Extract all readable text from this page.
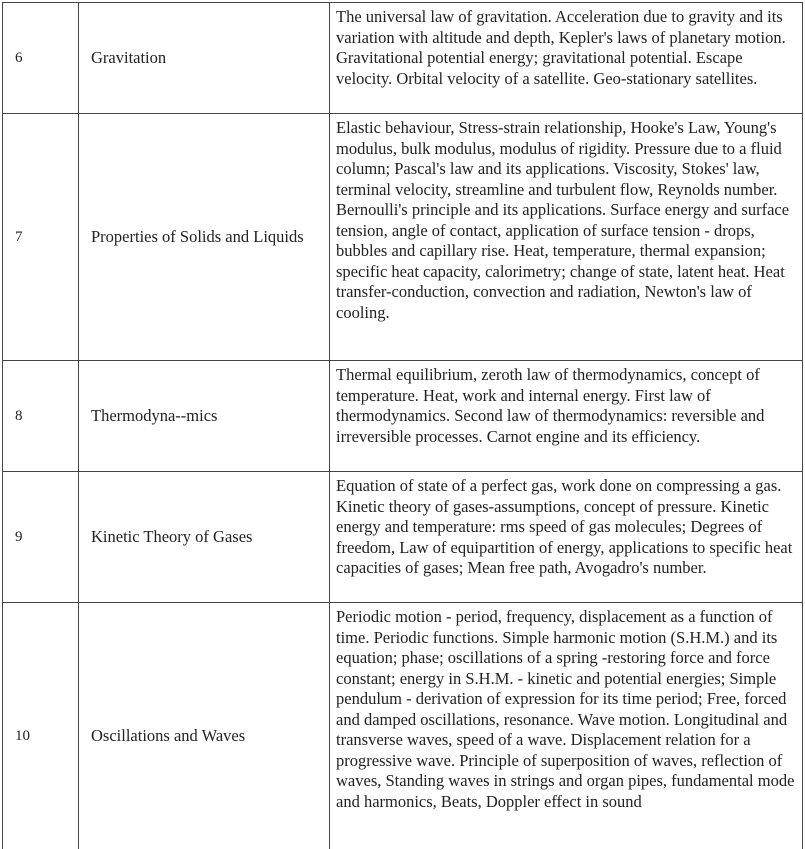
6	Gravitation	The universal law of gravitation. Acceleration due to gravity and its variation with altitude and depth, Kepler's laws of planetary motion. Gravitational potential energy; gravitational potential. Escape velocity. Orbital velocity of a satellite. Geo-stationary satellites.

7	Properties of Solids and Liquids	Elastic behaviour, Stress-strain relationship, Hooke's Law, Young's modulus, bulk modulus, modulus of rigidity. Pressure due to a fluid column; Pascal's law and its applications. Viscosity, Stokes' law, terminal velocity, streamline and turbulent flow, Reynolds number. Bernoulli's principle and its applications. Surface energy and surface tension, angle of contact, application of surface tension - drops, bubbles and capillary rise. Heat, temperature, thermal expansion; specific heat capacity, calorimetry; change of state, latent heat. Heat transfer-conduction, convection and radiation, Newton's law of cooling.

8	Thermodyna--mics	Thermal equilibrium, zeroth law of thermodynamics, concept of temperature. Heat, work and internal energy. First law of thermodynamics. Second law of thermodynamics: reversible and irreversible processes. Carnot engine and its efficiency.

9	Kinetic Theory of Gases	Equation of state of a perfect gas, work done on compressing a gas. Kinetic theory of gases-assumptions, concept of pressure. Kinetic energy and temperature: rms speed of gas molecules; Degrees of freedom, Law of equipartition of energy, applications to specific heat capacities of gases; Mean free path, Avogadro's number.

10	Oscillations and Waves	Periodic motion - period, frequency, displacement as a function of time. Periodic functions. Simple harmonic motion (S.H.M.) and its equation; phase; oscillations of a spring -restoring force and force constant; energy in S.H.M. - kinetic and potential energies; Simple pendulum - derivation of expression for its time period; Free, forced and damped oscillations, resonance. Wave motion. Longitudinal and transverse waves, speed of a wave. Displacement relation for a progressive wave. Principle of superposition of waves, reflection of waves, Standing waves in strings and organ pipes, fundamental mode and harmonics, Beats, Doppler effect in sound
